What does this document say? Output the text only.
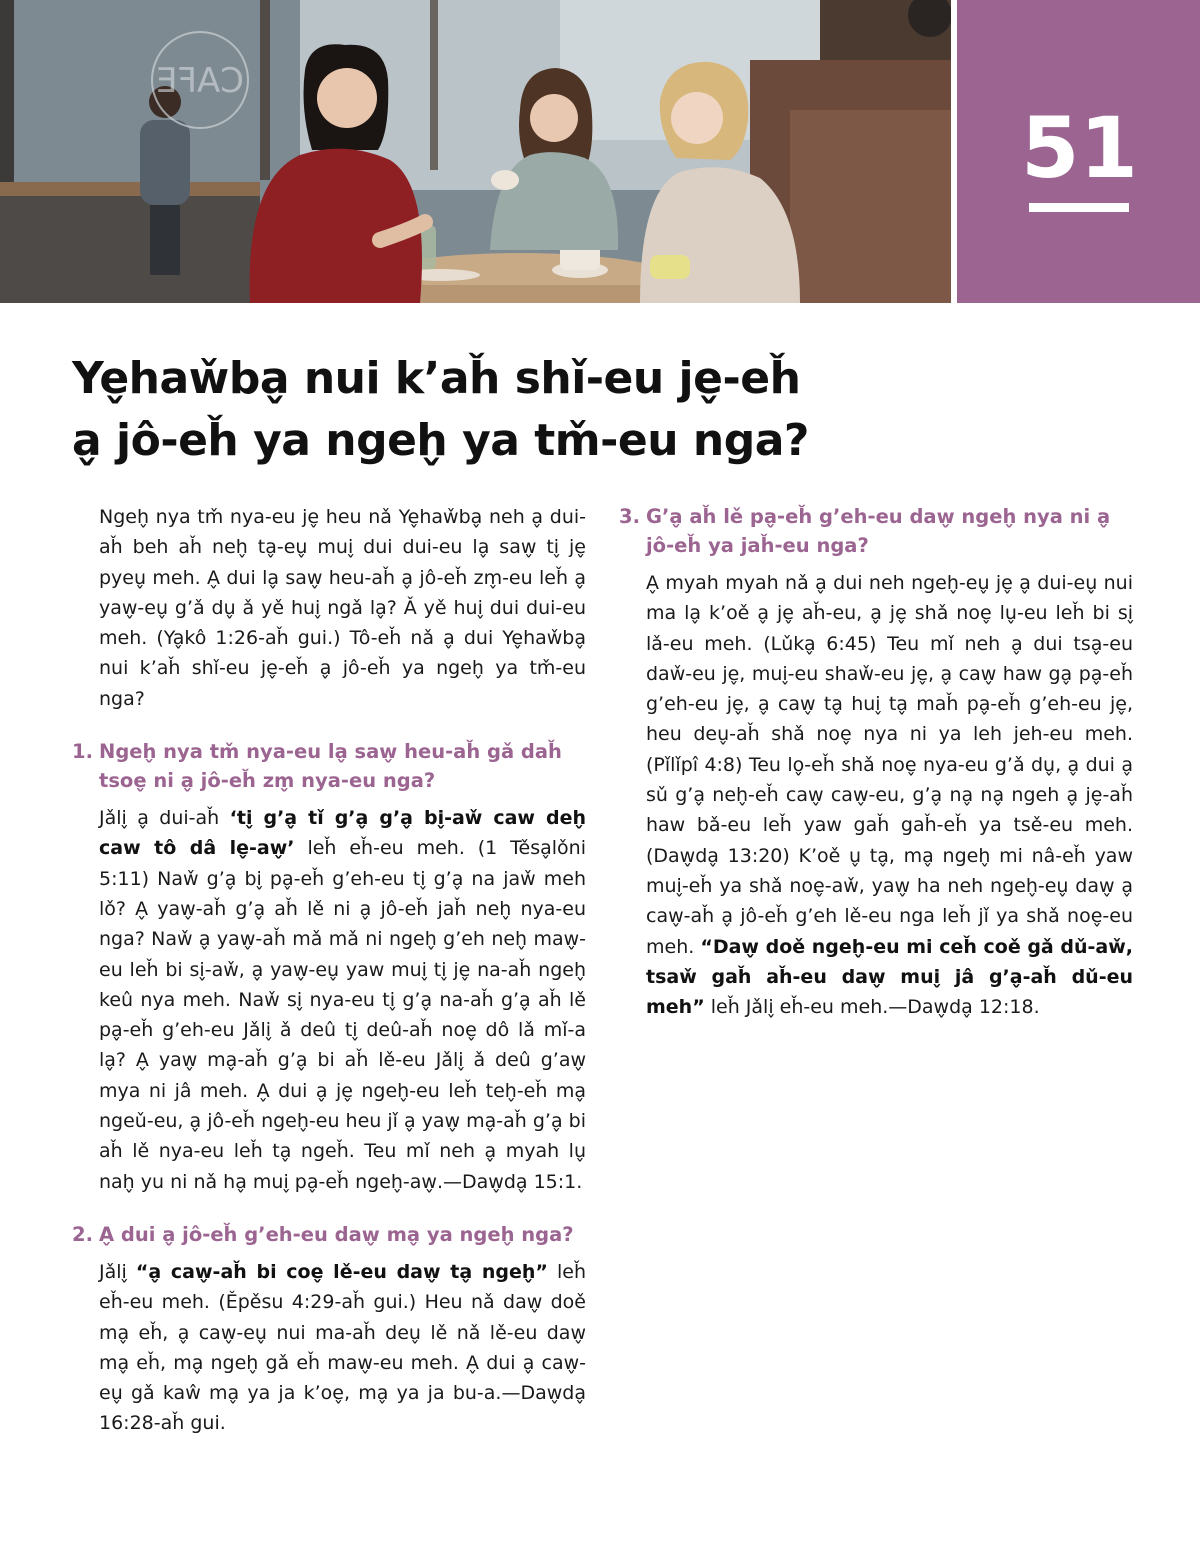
CAFE
51
Ye̬haw̌ba̬ nui k’aȟ shǐ-eu je̬-eȟ
a̬ jô-eȟ ya ngeh̬ ya tm̌-eu nga?

Ngeh̬ nya tm̌ nya-eu je̬ heu nǎ Ye̬haw̌ba̬ neh a̬ dui-aȟ beh aȟ neh̬ ta̬-eu̬ mui̬ dui dui-eu la̬ saw̬ ti̬ je̬ pyeu̬ meh. A̬ dui la̬ saw̬ heu-aȟ a̬ jô-eȟ zm̬-eu leȟ a̬ yaw̬-eu̬ g’ǎ du̬ ǎ yě hui̬ ngǎ la̬? Ǎ yě hui̬ dui dui-eu meh. (Ya̬kô 1:26-aȟ gui.) Tô-eȟ nǎ a̬ dui Ye̬haw̌ba̬ nui k’aȟ shǐ-eu je̬-eȟ a̬ jô-eȟ ya ngeh̬ ya tm̌-eu nga?

1. Ngeh̬ nya tm̌ nya-eu la̬ saw̬ heu-aȟ gǎ daȟ tsoe̬ ni a̬ jô-eȟ zm̬ nya-eu nga?

Jǎli̬ a̬ dui-aȟ ‘ti̬ g’a̬ tǐ g’a̬ g’a̬ bi̬-aw̌ caw deh̬ caw tô dâ le̬-aw̬’ leȟ eȟ-eu meh. (1 Těsa̬lǒni 5:11) Naw̌ g’a̬ bi̬ pa̬-eȟ g’eh-eu ti̬ g’a̬ na jaw̌ meh lǒ? A̬ yaw̬-aȟ g’a̬ aȟ lě ni a̬ jô-eȟ jaȟ neh̬ nya-eu nga? Naw̌ a̬ yaw̬-aȟ mǎ mǎ ni ngeh̬ g’eh neh̬ maw̬-eu leȟ bi si̬-aw̌, a̬ yaw̬-eu̬ yaw mui̬ ti̬ je̬ na-aȟ ngeh̬ keû nya meh. Naw̌ si̬ nya-eu ti̬ g’a̬ na-aȟ g’a̬ aȟ lě pa̬-eȟ g’eh-eu Jǎli̬ ǎ deû ti̬ deû-aȟ noe̬ dô lǎ mǐ-a la̬? A̬ yaw̬ ma̬-aȟ g’a̬ bi aȟ lě-eu Jǎli̬ ǎ deû g’aw̬ mya ni jâ meh. A̬ dui a̬ je̬ ngeh̬-eu leȟ teh̬-eȟ ma̬ ngeǔ-eu, a̬ jô-eȟ ngeh̬-eu heu jǐ a̬ yaw̬ ma̬-aȟ g’a̬ bi aȟ lě nya-eu leȟ ta̬ ngeȟ. Teu mǐ neh a̬ myah lu̬ nah̬ yu ni nǎ ha̬ mui̬ pa̬-eȟ ngeh̬-aw̬.—Daw̬da̬ 15:1.

2. A̬ dui a̬ jô-eȟ g’eh-eu daw̬ ma̬ ya ngeh̬ nga?

Jǎli̬ “a̬ caw̬-aȟ bi coe̬ lě-eu daw̬ ta̬ ngeh̬” leȟ eȟ-eu meh. (Ěpěsu 4:29-aȟ gui.) Heu nǎ daw̬ doě ma̬ eȟ, a̬ caw̬-eu̬ nui ma-aȟ deu̬ lě nǎ lě-eu daw̬ ma̬ eȟ, ma̬ ngeh̬ gǎ eȟ maw̬-eu meh. A̬ dui a̬ caw̬-eu̬ gǎ kaŵ ma̬ ya ja k’oe̬, ma̬ ya ja bu-a.—Daw̬da̬ 16:28-aȟ gui.

3. G’a̬ aȟ lě pa̬-eȟ g’eh-eu daw̬ ngeh̬ nya ni a̬ jô-eȟ ya jaȟ-eu nga?

A̬ myah myah nǎ a̬ dui neh ngeh̬-eu̬ je̬ a̬ dui-eu̬ nui ma la̬ k’oě a̬ je̬ aȟ-eu, a̬ je̬ shǎ noe̬ lu̬-eu leȟ bi si̬ lǎ-eu meh. (Lǔka̬ 6:45) Teu mǐ neh a̬ dui tsa̬-eu daw̌-eu je̬, mui̬-eu shaw̌-eu je̬, a̬ caw̬ haw ga̬ pa̬-eȟ g’eh-eu je̬, a̬ caw̬ ta̬ hui̬ ta̬ maȟ pa̬-eȟ g’eh-eu je̬, heu deu̬-aȟ shǎ noe̬ nya ni ya leh jeh-eu meh. (Pǐlǐpî 4:8) Teu lo̬-eȟ shǎ noe̬ nya-eu g’ǎ du̬, a̬ dui a̬ sǔ g’a̬ neh̬-eȟ caw̬ caw̬-eu, g’a̬ na̬ na̬ ngeh a̬ je̬-aȟ haw bǎ-eu leȟ yaw gaȟ gaȟ-eȟ ya tsě-eu meh. (Daw̬da̬ 13:20) K’oě u̬ ta̬, ma̬ ngeh̬ mi nâ-eȟ yaw mui̬-eȟ ya shǎ noe̬-aw̌, yaw̬ ha neh ngeh̬-eu̬ daw̬ a̬ caw̬-aȟ a̬ jô-eȟ g’eh lě-eu nga leȟ jǐ ya shǎ noe̬-eu meh. “Daw̬ doě ngeh̬-eu mi ceȟ coě gǎ dǔ-aw̌, tsaw̌ gaȟ aȟ-eu daw̬ mui̬ jâ g’a̬-aȟ dǔ-eu meh” leȟ Jǎli̬ eȟ-eu meh.—Daw̬da̬ 12:18.
